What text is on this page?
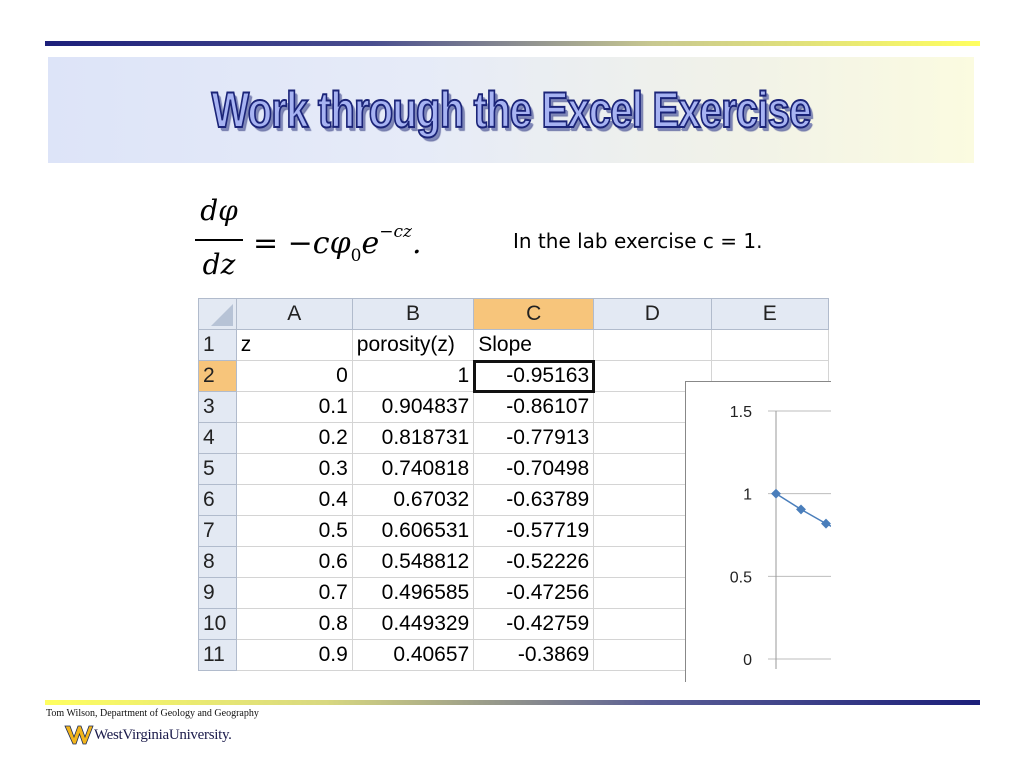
Work through the Excel Exercise
dφ
dz
= $-c\varphi_0e^{-cz}$.	In the lab exercise c = 1.
	A	B	C	D	E
1	z	porosity(z)	Slope		
2	0	1	-0.95163		
3	0.1	0.904837	-0.86107		
4	0.2	0.818731	-0.77913		
5	0.3	0.740818	-0.70498		
6	0.4	0.67032	-0.63789		
7	0.5	0.606531	-0.57719		
8	0.6	0.548812	-0.52226		
9	0.7	0.496585	-0.47256		
10	0.8	0.449329	-0.42759		
11	0.9	0.40657	-0.3869		
1.5
1
0.5
0
Tom Wilson, Department of Geology and Geography
WestVirginiaUniversity.
